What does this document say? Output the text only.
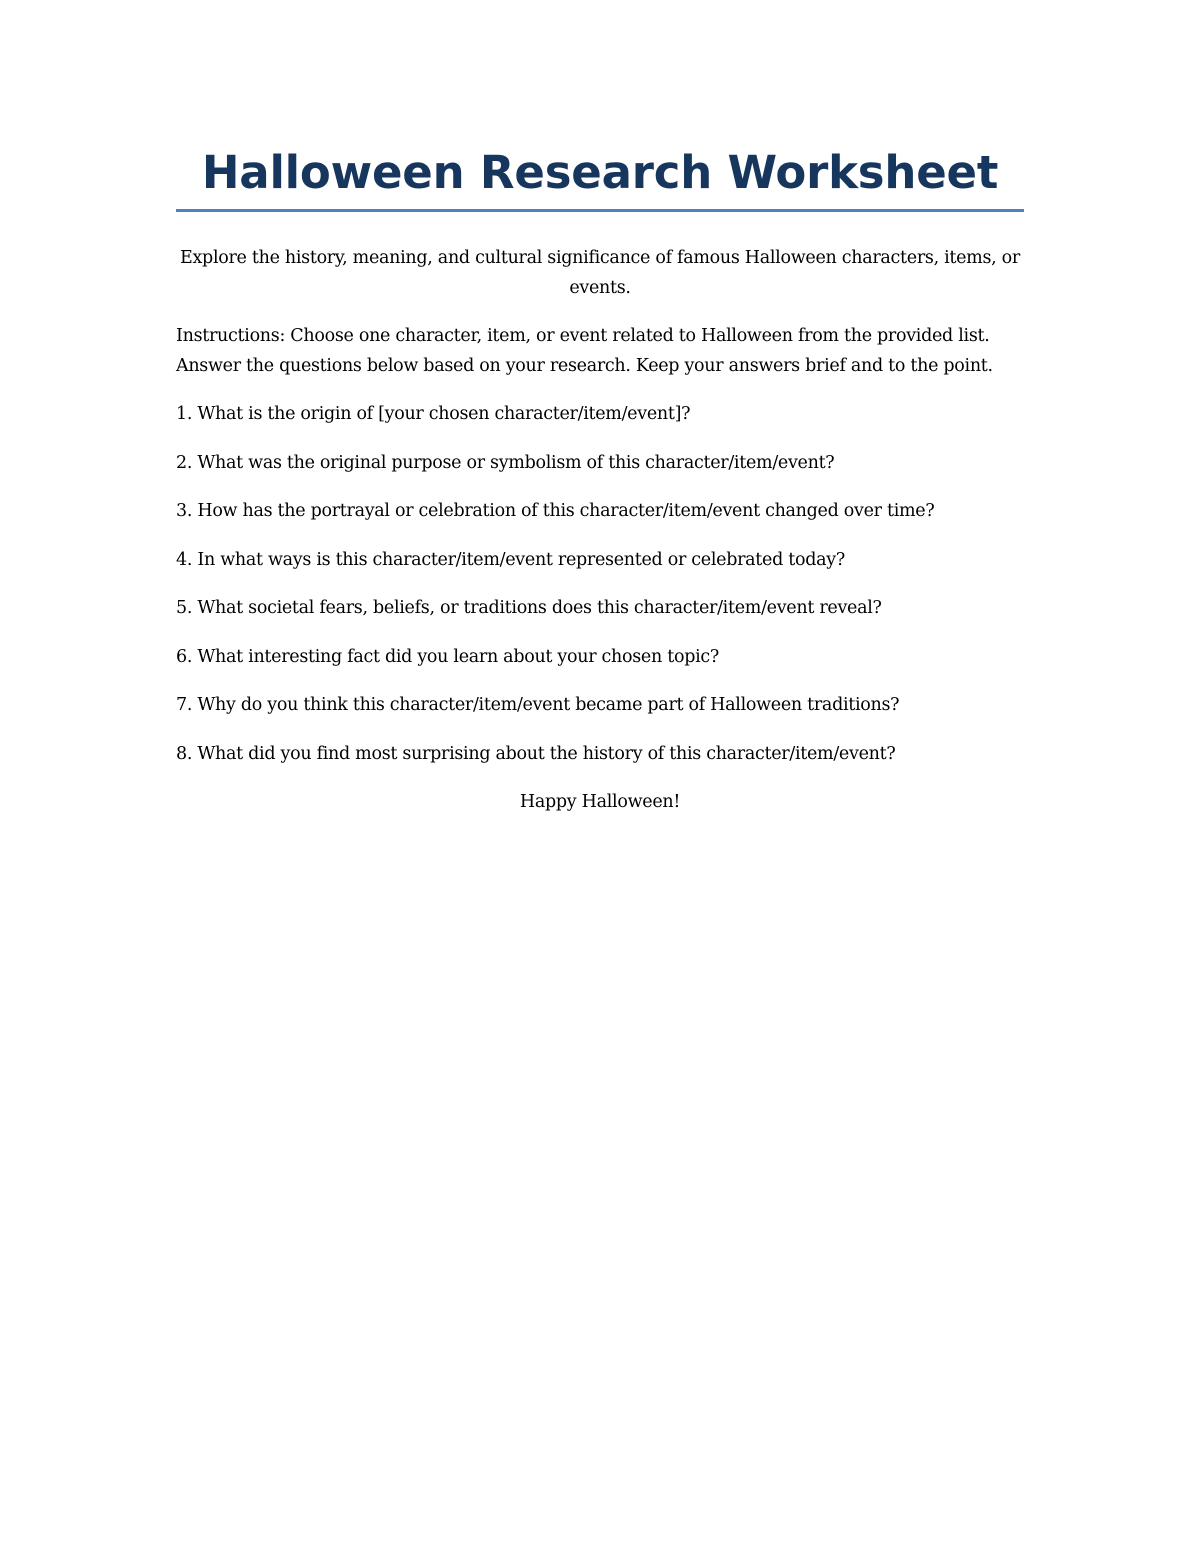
Halloween Research Worksheet

Explore the history, meaning, and cultural significance of famous Halloween characters, items, or events.

Instructions: Choose one character, item, or event related to Halloween from the provided list. Answer the questions below based on your research. Keep your answers brief and to the point.

1. What is the origin of [your chosen character/item/event]?
2. What was the original purpose or symbolism of this character/item/event?
3. How has the portrayal or celebration of this character/item/event changed over time?
4. In what ways is this character/item/event represented or celebrated today?
5. What societal fears, beliefs, or traditions does this character/item/event reveal?
6. What interesting fact did you learn about your chosen topic?
7. Why do you think this character/item/event became part of Halloween traditions?
8. What did you find most surprising about the history of this character/item/event?

Happy Halloween!
